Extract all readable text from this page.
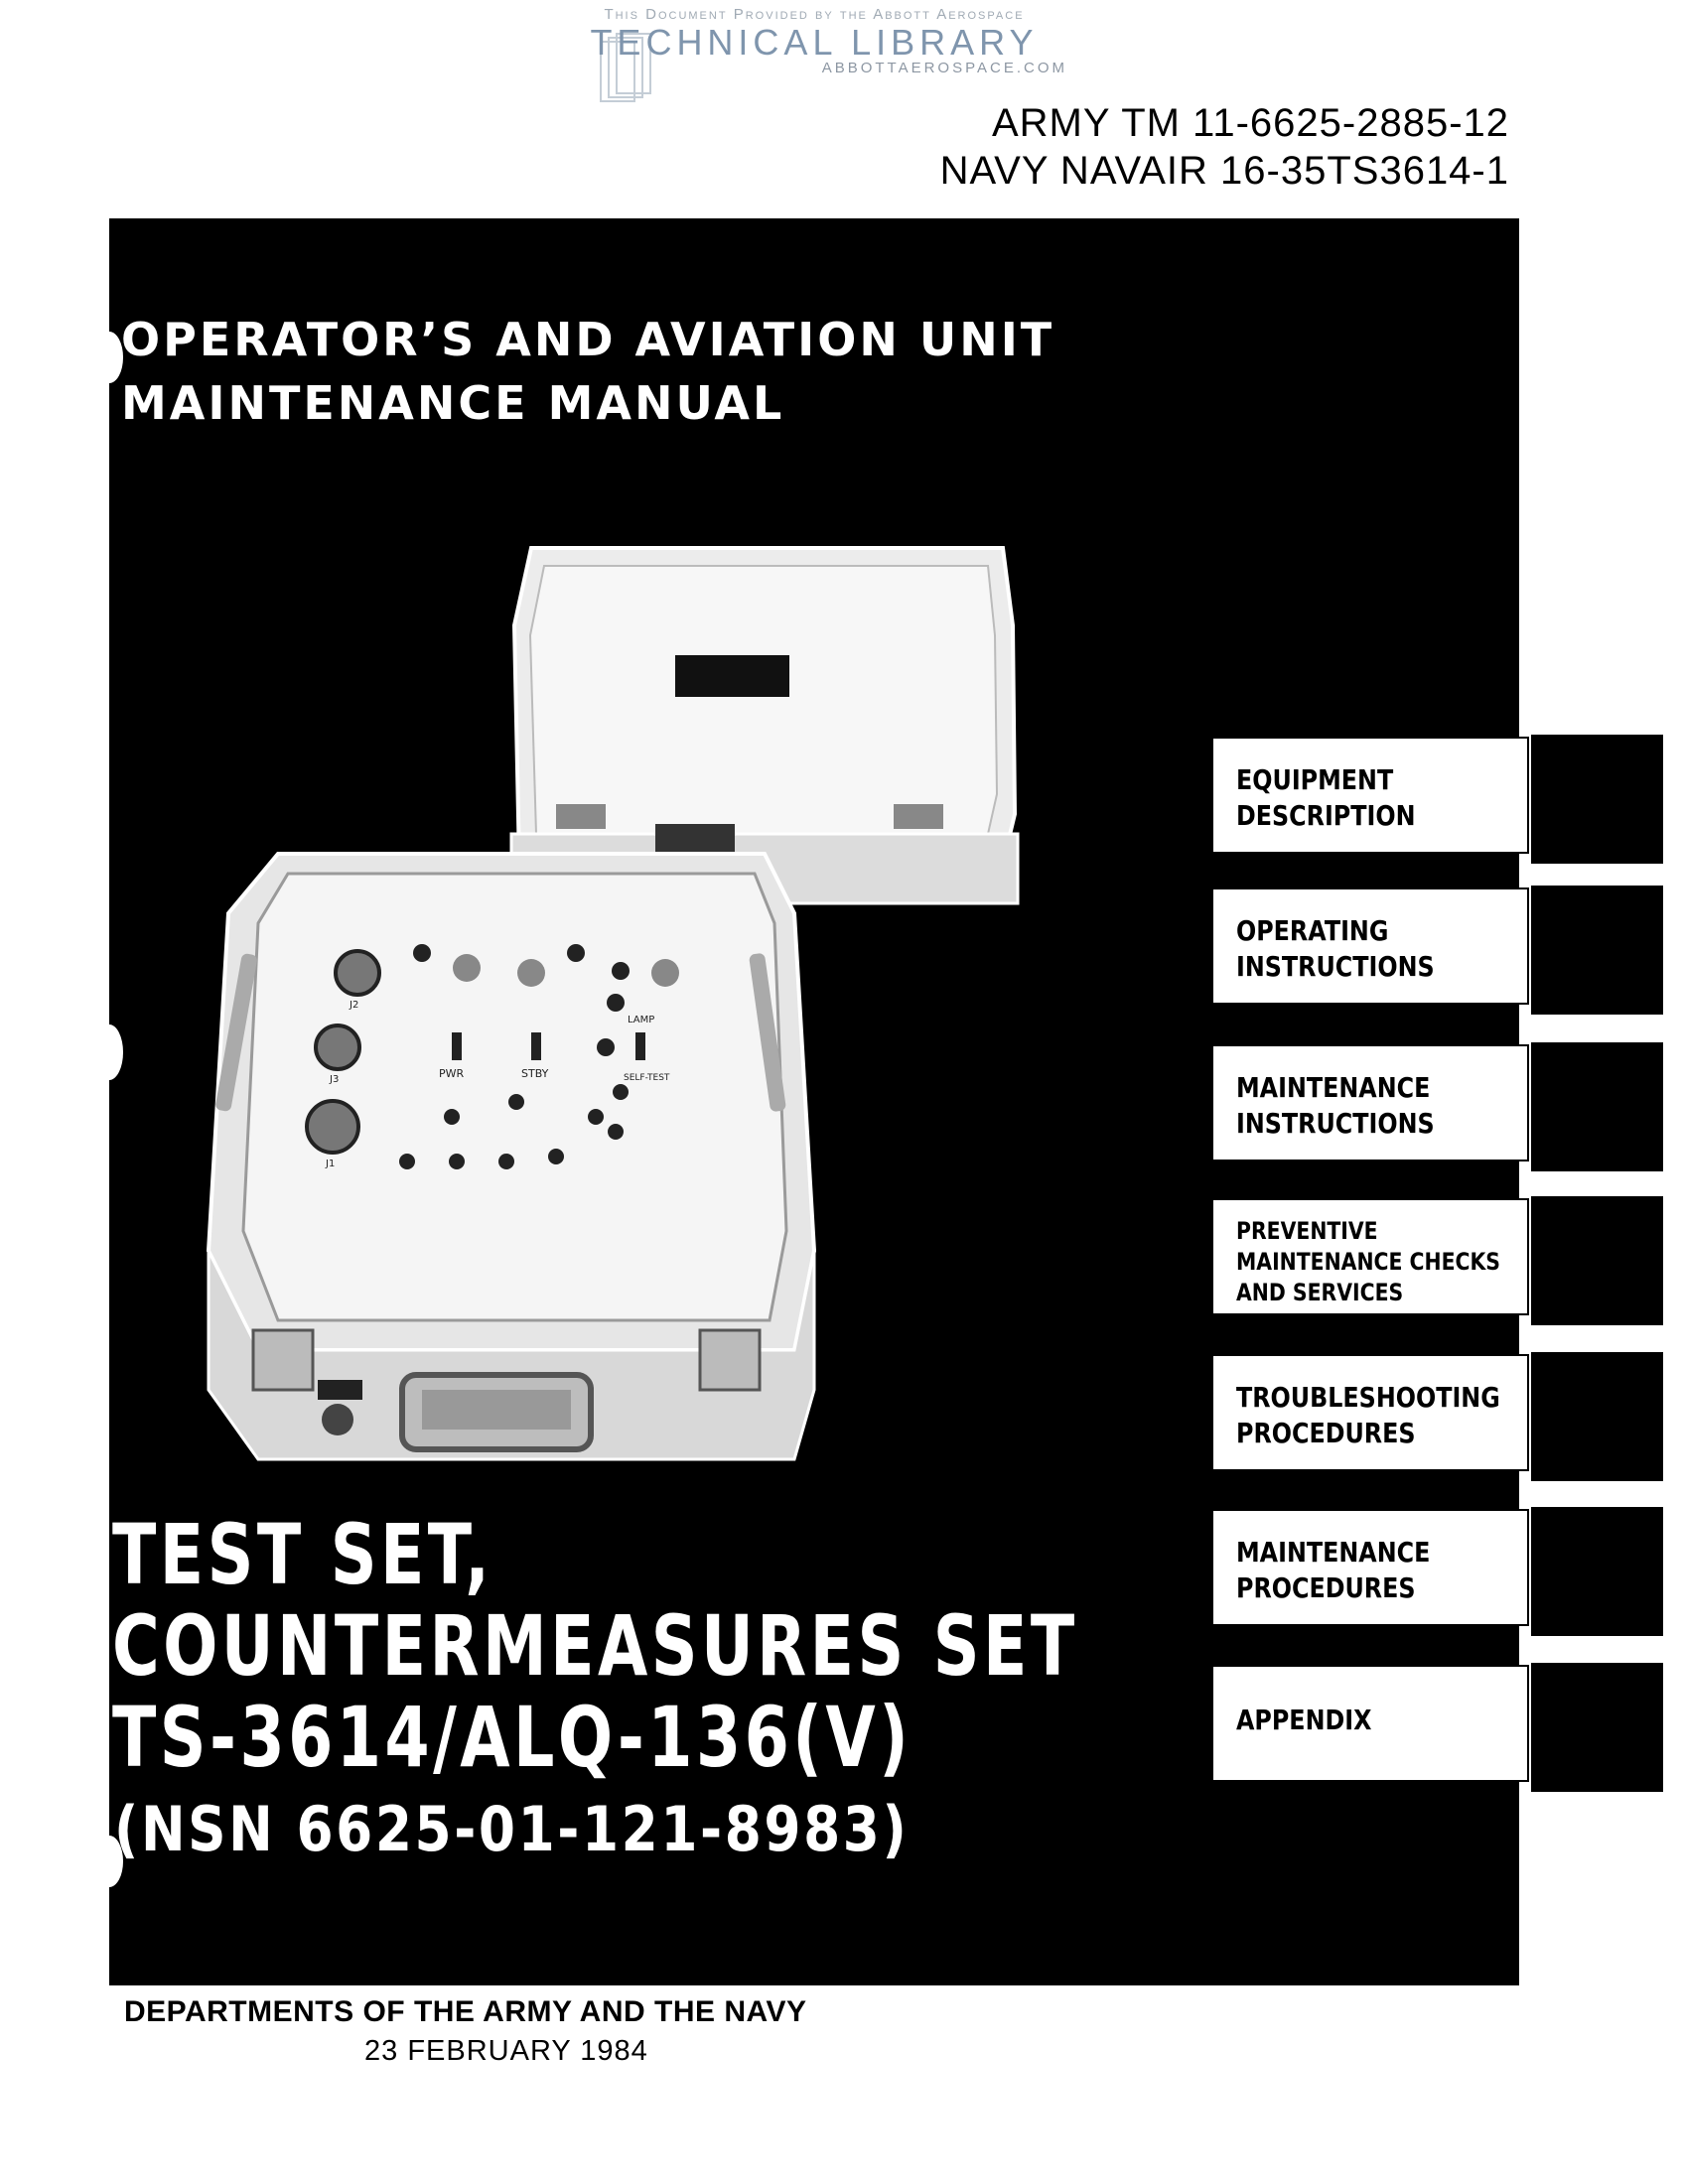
This Document Provided by the Abbott Aerospace
TECHNICAL LIBRARY
ABBOTTAEROSPACE.COM
ARMY TM 11-6625-2885-12
NAVY NAVAIR 16-35TS3614-1
OPERATOR’S AND AVIATION UNIT
MAINTENANCE MANUAL
PWR	STBY
LAMP
SELF-TEST
J2
J3
J1
TEST SET,
COUNTERMEASURES SET
TS-3614/ALQ-136(V)
(NSN 6625-01-121-8983)
EQUIPMENT
DESCRIPTION
OPERATING
INSTRUCTIONS
MAINTENANCE
INSTRUCTIONS
PREVENTIVE
MAINTENANCE CHECKS
AND SERVICES
TROUBLESHOOTING
PROCEDURES
MAINTENANCE
PROCEDURES
APPENDIX
DEPARTMENTS OF THE ARMY AND THE NAVY
23 FEBRUARY 1984
